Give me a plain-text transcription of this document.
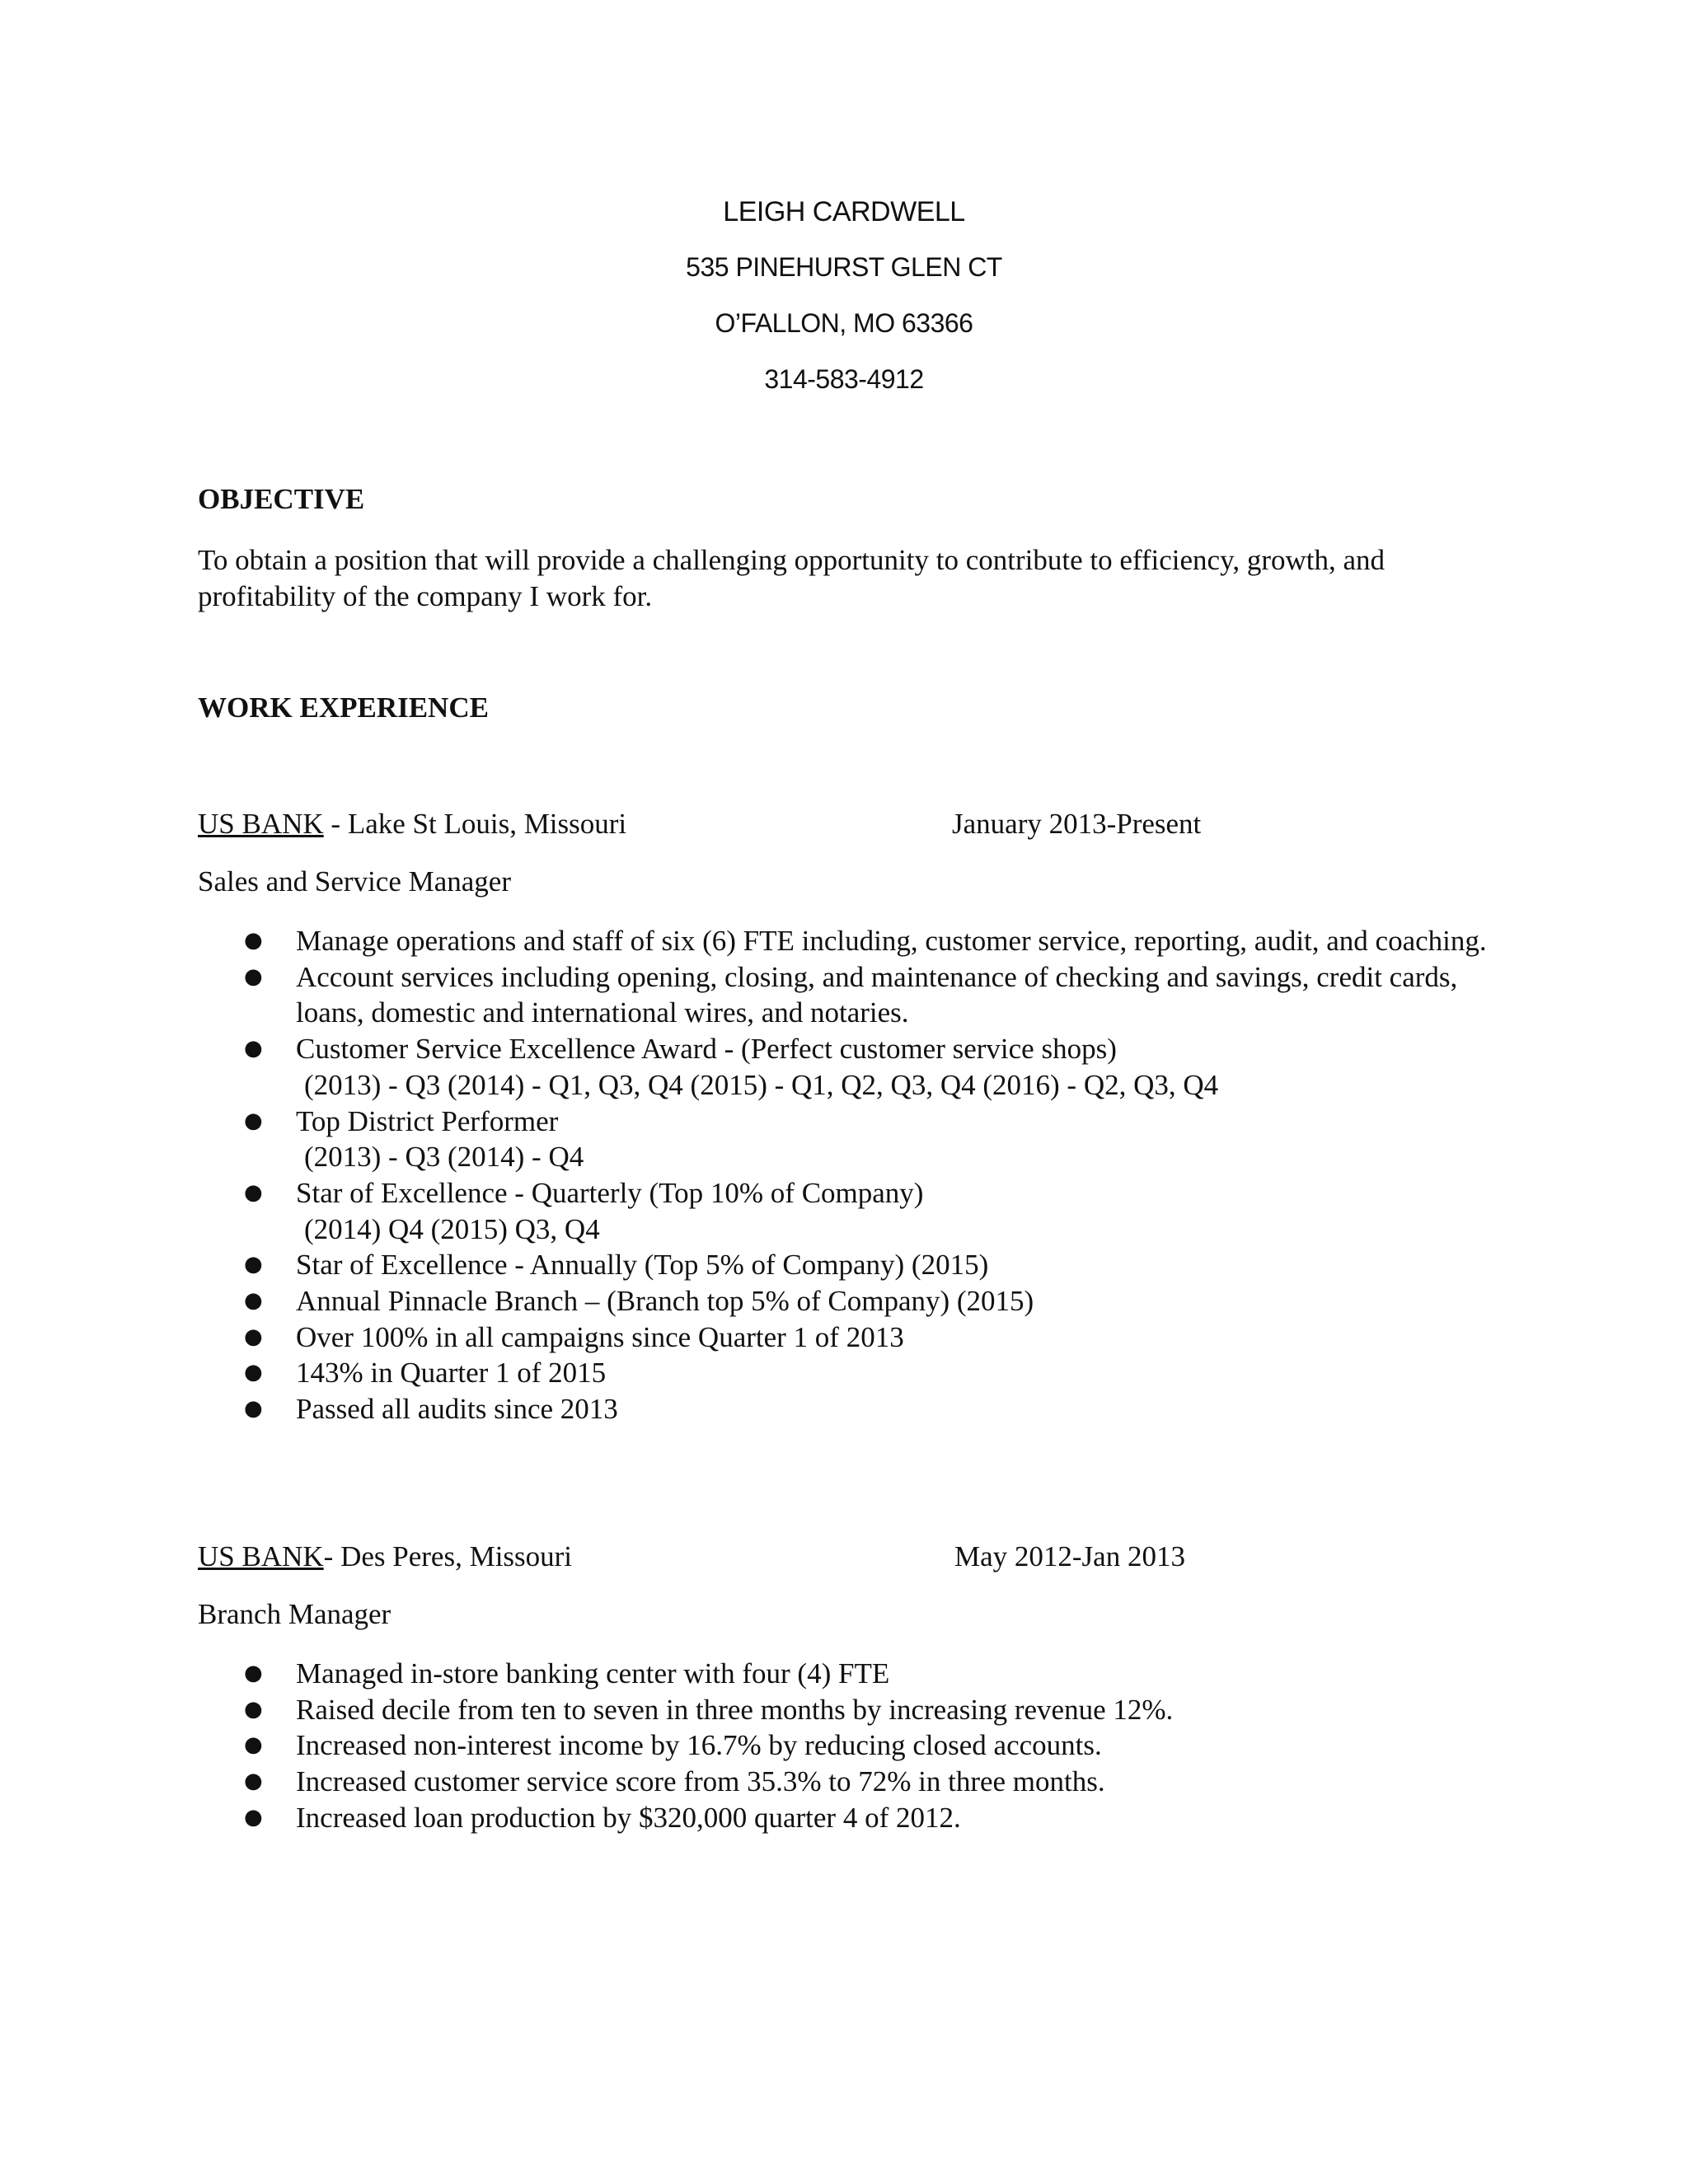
LEIGH CARDWELL
535 PINEHURST GLEN CT
O’FALLON, MO 63366
314-583-4912
OBJECTIVE
To obtain a position that will provide a challenging opportunity to contribute to efficiency, growth, and profitability of the company I work for.
WORK EXPERIENCE
US BANK - Lake St Louis, Missouri	January 2013-Present
Sales and Service Manager
● Manage operations and staff of six (6) FTE including, customer service, reporting, audit, and coaching.
● Account services including opening, closing, and maintenance of checking and savings, credit cards, loans, domestic and international wires, and notaries.
● Customer Service Excellence Award - (Perfect customer service shops)
(2013) - Q3 (2014) - Q1, Q3, Q4 (2015) - Q1, Q2, Q3, Q4 (2016) - Q2, Q3, Q4
● Top District Performer
(2013) - Q3 (2014) - Q4
● Star of Excellence - Quarterly (Top 10% of Company)
(2014) Q4 (2015) Q3, Q4
● Star of Excellence - Annually (Top 5% of Company) (2015)
● Annual Pinnacle Branch – (Branch top 5% of Company) (2015)
● Over 100% in all campaigns since Quarter 1 of 2013
● 143% in Quarter 1 of 2015
● Passed all audits since 2013
US BANK- Des Peres, Missouri	May 2012-Jan 2013
Branch Manager
● Managed in-store banking center with four (4) FTE
● Raised decile from ten to seven in three months by increasing revenue 12%.
● Increased non-interest income by 16.7% by reducing closed accounts.
● Increased customer service score from 35.3% to 72% in three months.
● Increased loan production by $320,000 quarter 4 of 2012.
